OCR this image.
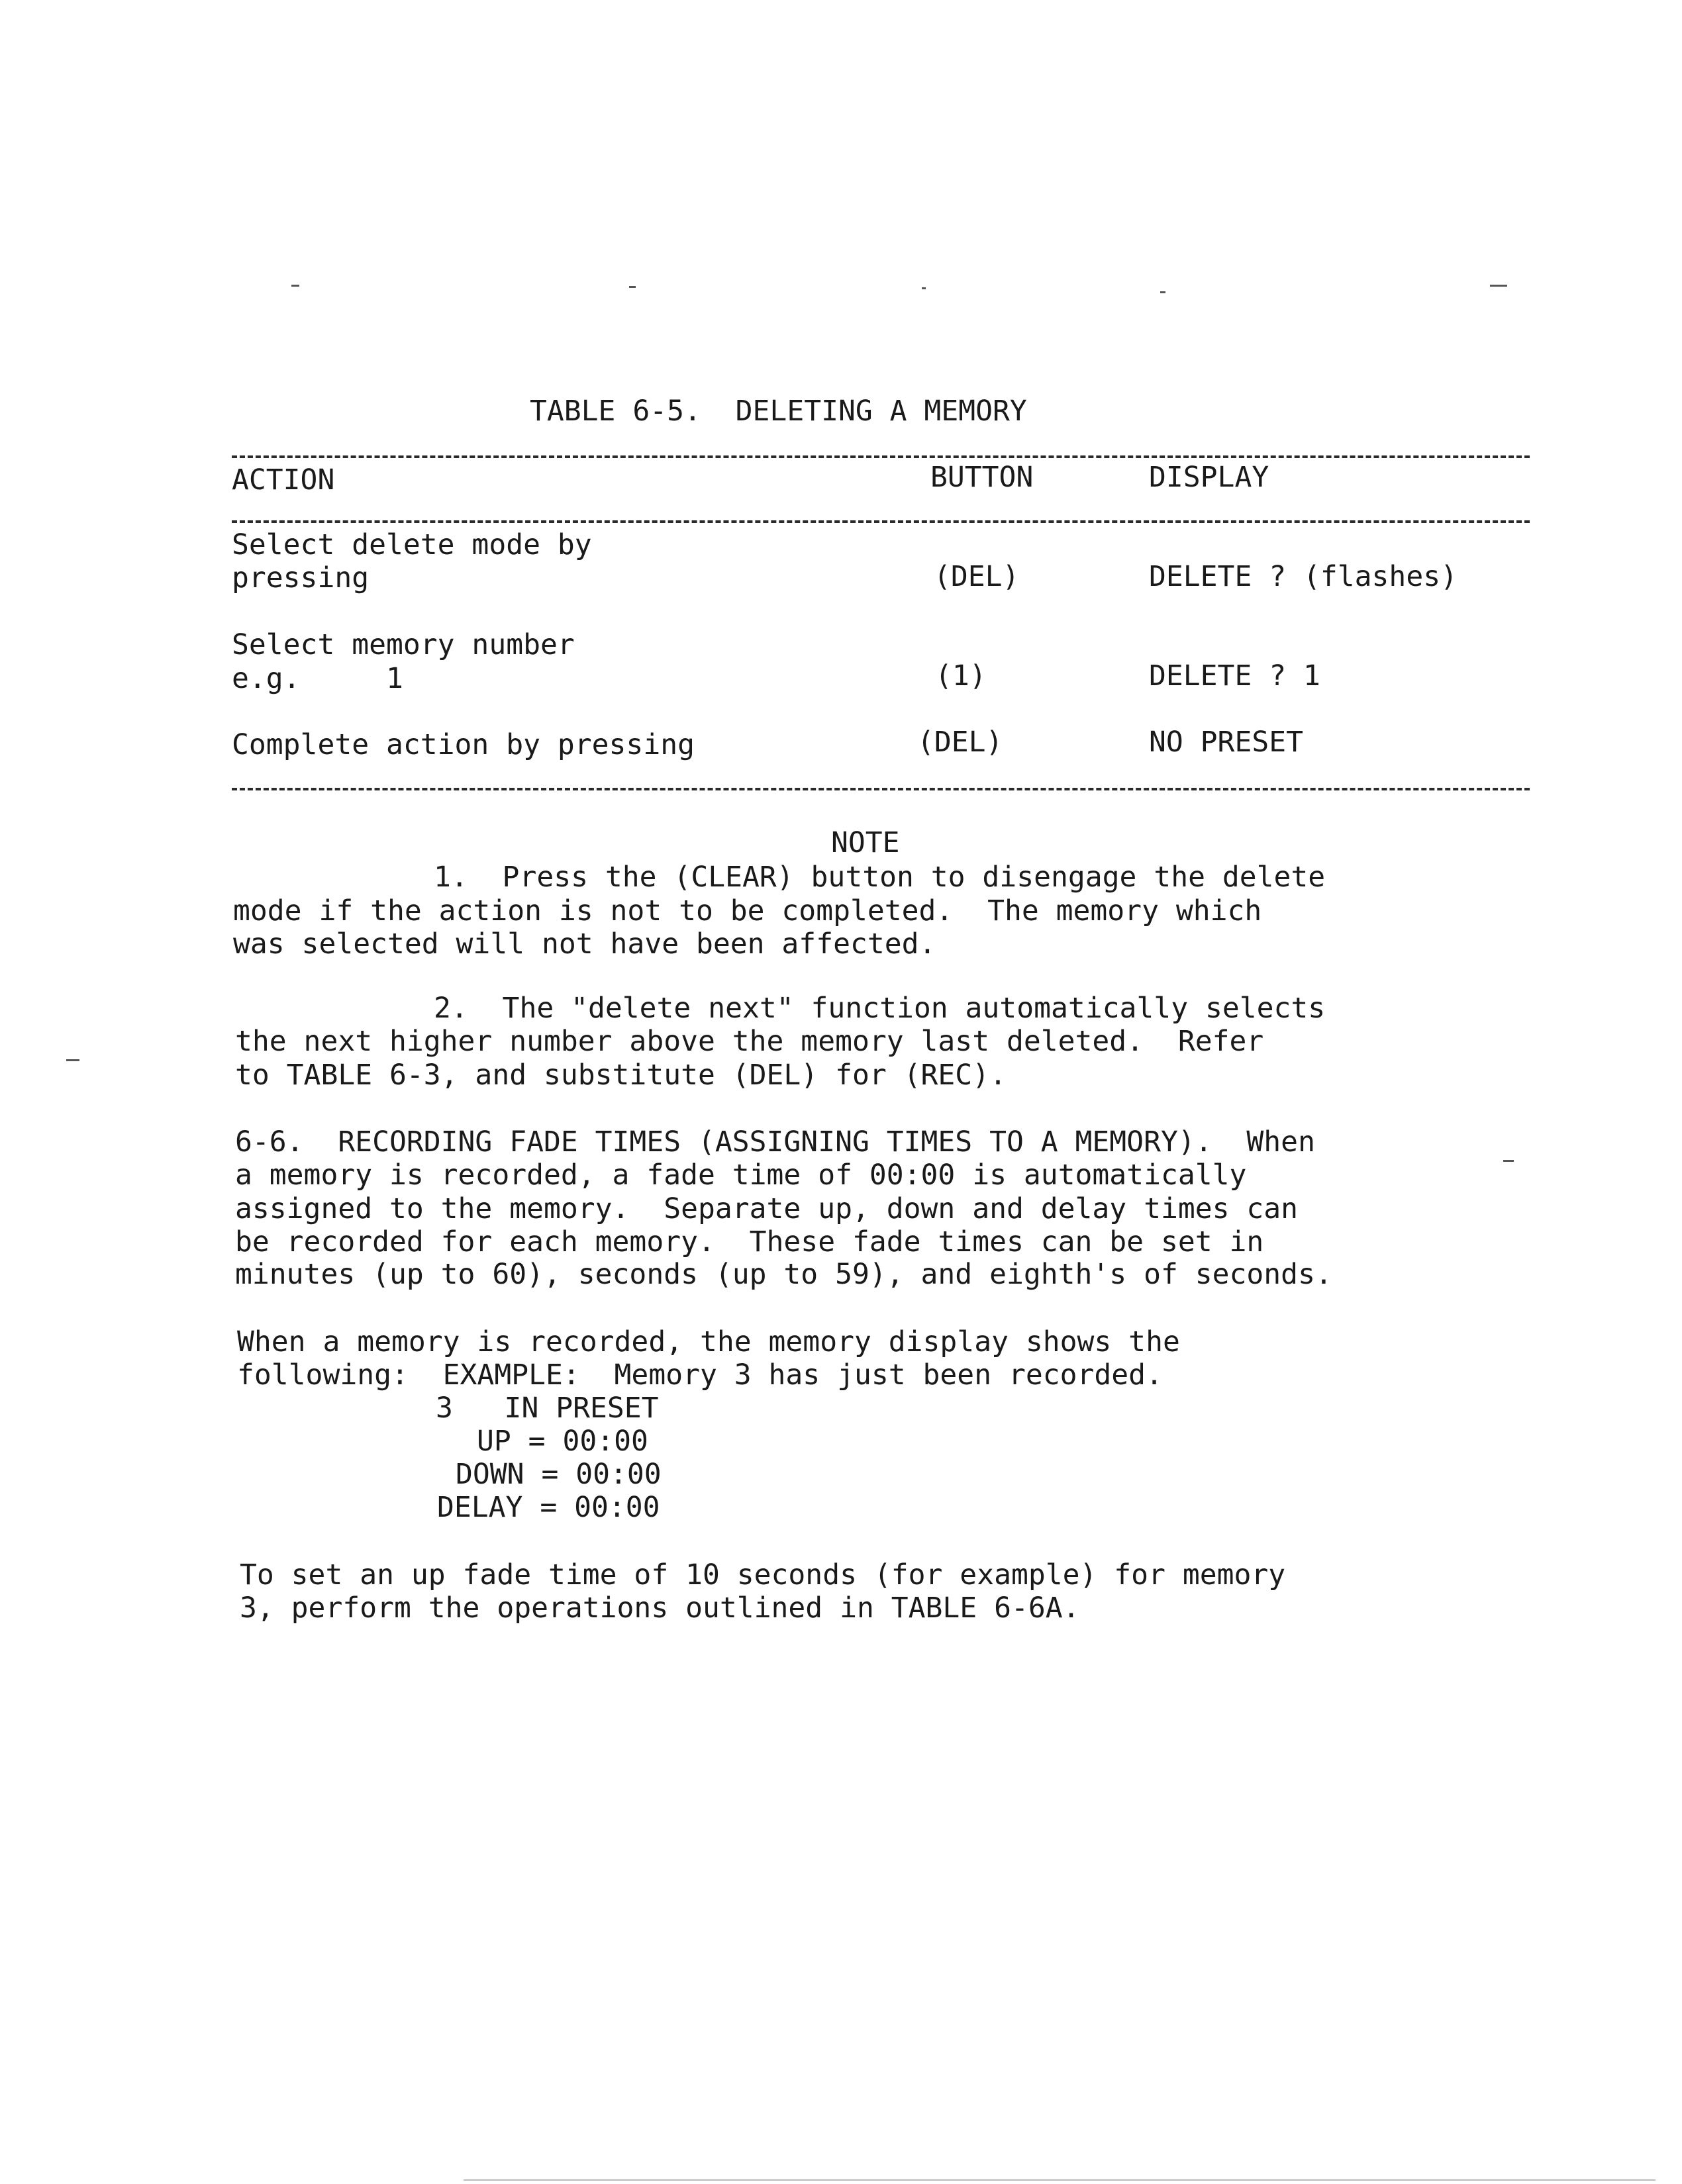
TABLE 6-5.  DELETING A MEMORY
ACTION	BUTTON	DISPLAY
Select delete mode by
pressing	(DEL)	DELETE ? (flashes)
Select memory number
e.g.     1	(1)	DELETE ? 1
Complete action by pressing	(DEL)	NO PRESET
NOTE
1.  Press the (CLEAR) button to disengage the delete
mode if the action is not to be completed.  The memory which
was selected will not have been affected.
2.  The "delete next" function automatically selects
the next higher number above the memory last deleted.  Refer
to TABLE 6-3, and substitute (DEL) for (REC).
6-6.  RECORDING FADE TIMES (ASSIGNING TIMES TO A MEMORY).  When
a memory is recorded, a fade time of 00:00 is automatically
assigned to the memory.  Separate up, down and delay times can
be recorded for each memory.  These fade times can be set in
minutes (up to 60), seconds (up to 59), and eighth's of seconds.
When a memory is recorded, the memory display shows the
following:  EXAMPLE:  Memory 3 has just been recorded.
3   IN PRESET
UP = 00:00
DOWN = 00:00
DELAY = 00:00
To set an up fade time of 10 seconds (for example) for memory
3, perform the operations outlined in TABLE 6-6A.
